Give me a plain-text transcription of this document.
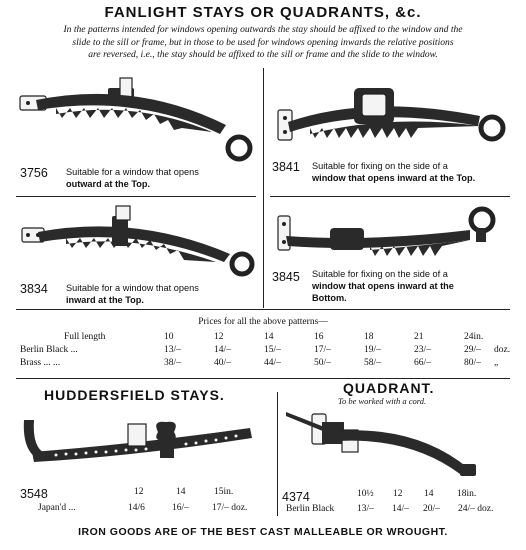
FANLIGHT STAYS OR QUADRANTS, &c.
In the patterns intended for windows opening outwards the stay should be affixed to the window and the
slide to the sill or frame, but in those to be used for windows opening inwards the relative positions
are reversed, i.e., the stay should be affixed to the sill or frame and the slide to the window.
3756 Suitable for a window that opens
outward at the Top.
3841 Suitable for fixing on the side of a
window that opens inward at the Top.
3834 Suitable for a window that opens
inward at the Top.
3845 Suitable for fixing on the side of a
window that opens inward at the
Bottom.
Prices for all the above patterns—
Full length	10	12	14	16	18	21	24in.	
Berlin Black ...	13/–	14/–	15/–	17/–	19/–	23/–	29/–	doz.
Brass ... ...	38/–	40/–	44/–	50/–	58/–	66/–	80/–	„
HUDDERSFIELD STAYS.
3548	12	14	15in.
Japan'd ...	14/6	16/– 17/– doz.
QUADRANT.
To be worked with a cord.
4374	10½ 12 14 18in.
Berlin Black 13/– 14/– 20/– 24/– doz.
IRON GOODS ARE OF THE BEST CAST MALLEABLE OR WROUGHT.
